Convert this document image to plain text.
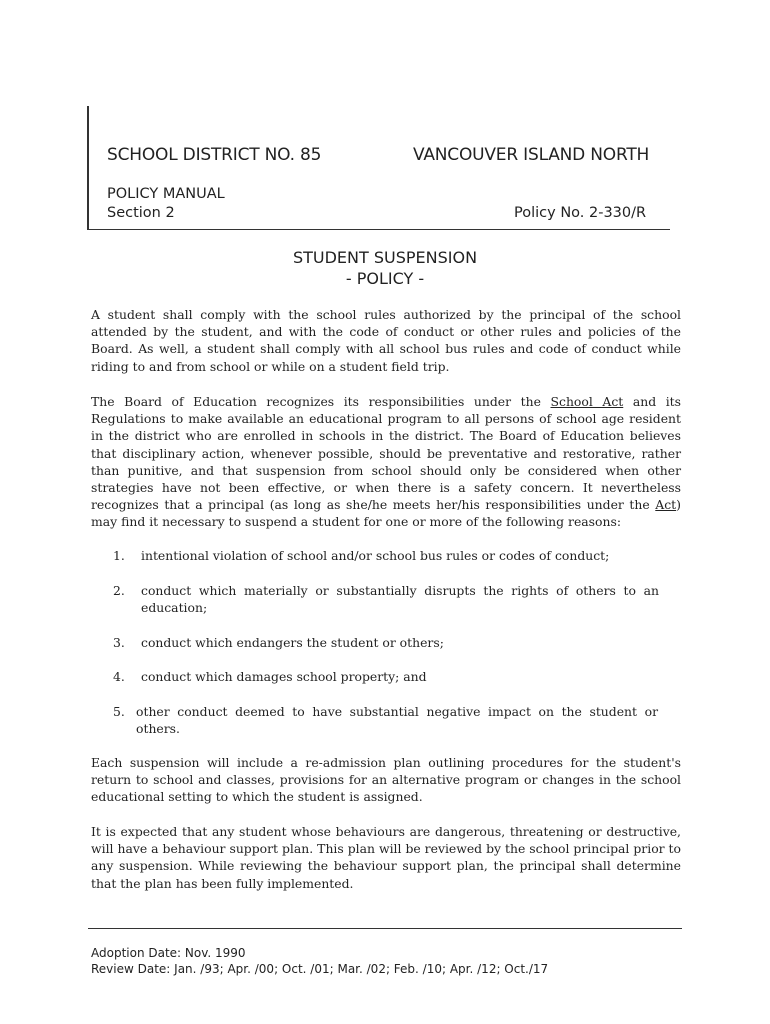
SCHOOL DISTRICT NO. 85	VANCOUVER ISLAND NORTH
POLICY MANUAL
Section 2	Policy No. 2-330/R
STUDENT SUSPENSION
- POLICY -

A student shall comply with the school rules authorized by the principal of the school attended by the student, and with the code of conduct or other rules and policies of the Board. As well, a student shall comply with all school bus rules and code of conduct while riding to and from school or while on a student field trip.

The Board of Education recognizes its responsibilities under the School Act and its Regulations to make available an educational program to all persons of school age resident in the district who are enrolled in schools in the district. The Board of Education believes that disciplinary action, whenever possible, should be preventative and restorative, rather than punitive, and that suspension from school should only be considered when other strategies have not been effective, or when there is a safety concern. It nevertheless recognizes that a principal (as long as she/he meets her/his responsibilities under the Act) may find it necessary to suspend a student for one or more of the following reasons:

1. intentional violation of school and/or school bus rules or codes of conduct;
2. conduct which materially or substantially disrupts the rights of others to an education;
3. conduct which endangers the student or others;
4. conduct which damages school property; and
5. other conduct deemed to have substantial negative impact on the student or others.

Each suspension will include a re-admission plan outlining procedures for the student's return to school and classes, provisions for an alternative program or changes in the school educational setting to which the student is assigned.

It is expected that any student whose behaviours are dangerous, threatening or destructive, will have a behaviour support plan. This plan will be reviewed by the school principal prior to any suspension. While reviewing the behaviour support plan, the principal shall determine that the plan has been fully implemented.

Adoption Date: Nov. 1990
Review Date: Jan. /93; Apr. /00; Oct. /01; Mar. /02; Feb. /10; Apr. /12; Oct./17
